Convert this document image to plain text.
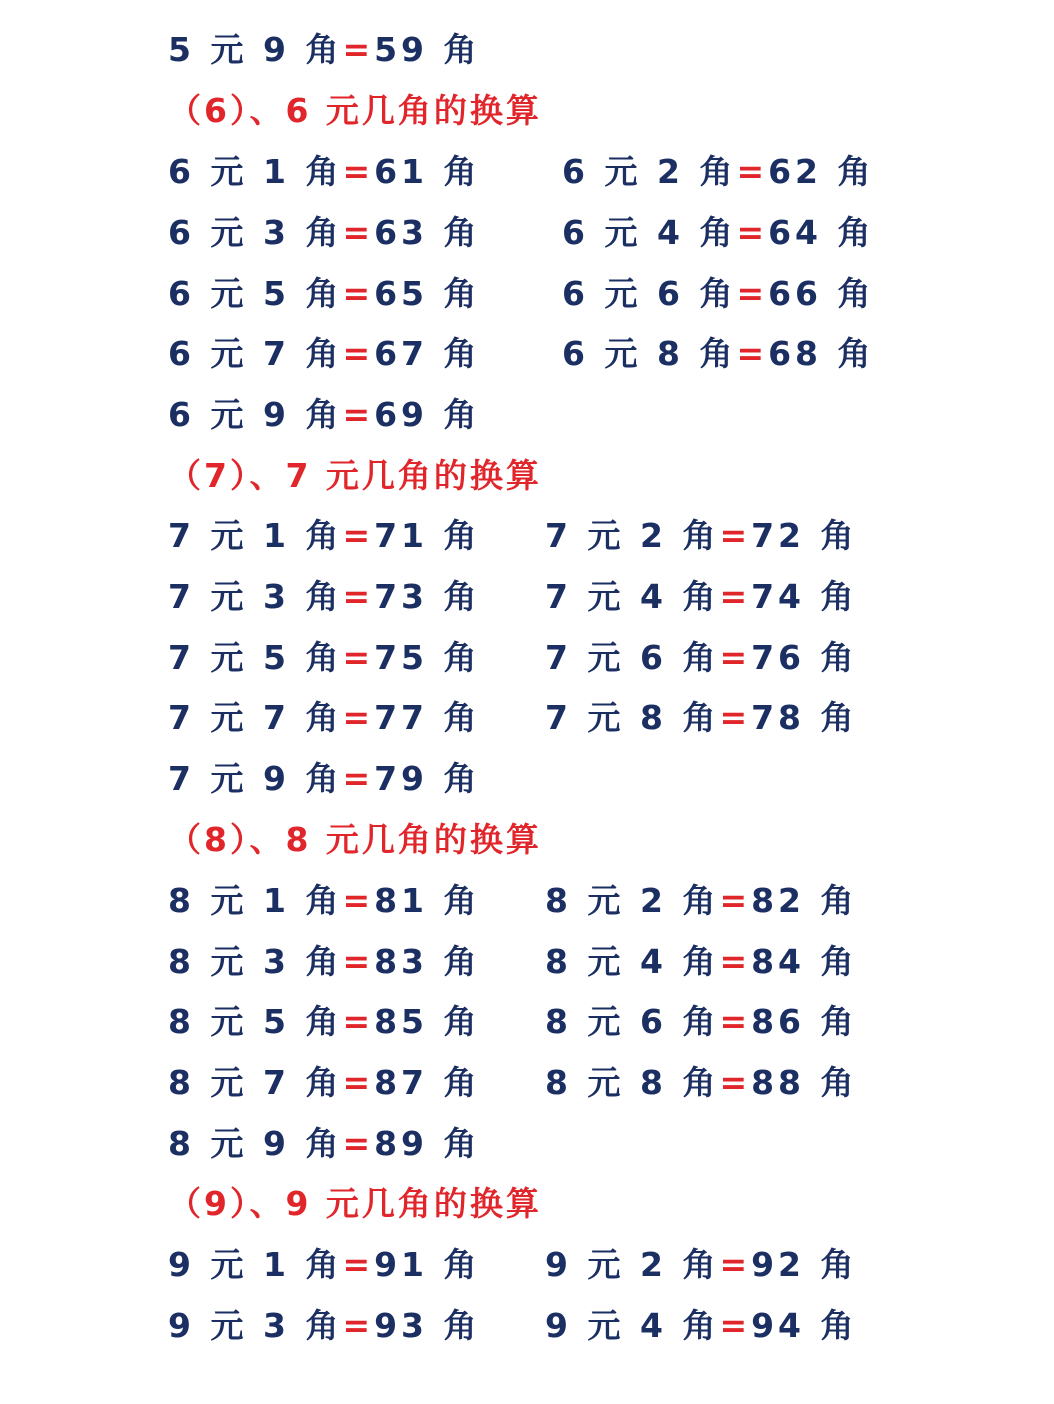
5 元 9 角=59 角
（6）、6 元几角的换算
6 元 1 角=61 角 6 元 2 角=62 角
6 元 3 角=63 角 6 元 4 角=64 角
6 元 5 角=65 角 6 元 6 角=66 角
6 元 7 角=67 角 6 元 8 角=68 角
6 元 9 角=69 角
（7）、7 元几角的换算
7 元 1 角=71 角 7 元 2 角=72 角
7 元 3 角=73 角 7 元 4 角=74 角
7 元 5 角=75 角 7 元 6 角=76 角
7 元 7 角=77 角 7 元 8 角=78 角
7 元 9 角=79 角
（8）、8 元几角的换算
8 元 1 角=81 角 8 元 2 角=82 角
8 元 3 角=83 角 8 元 4 角=84 角
8 元 5 角=85 角 8 元 6 角=86 角
8 元 7 角=87 角 8 元 8 角=88 角
8 元 9 角=89 角
（9）、9 元几角的换算
9 元 1 角=91 角 9 元 2 角=92 角
9 元 3 角=93 角 9 元 4 角=94 角
